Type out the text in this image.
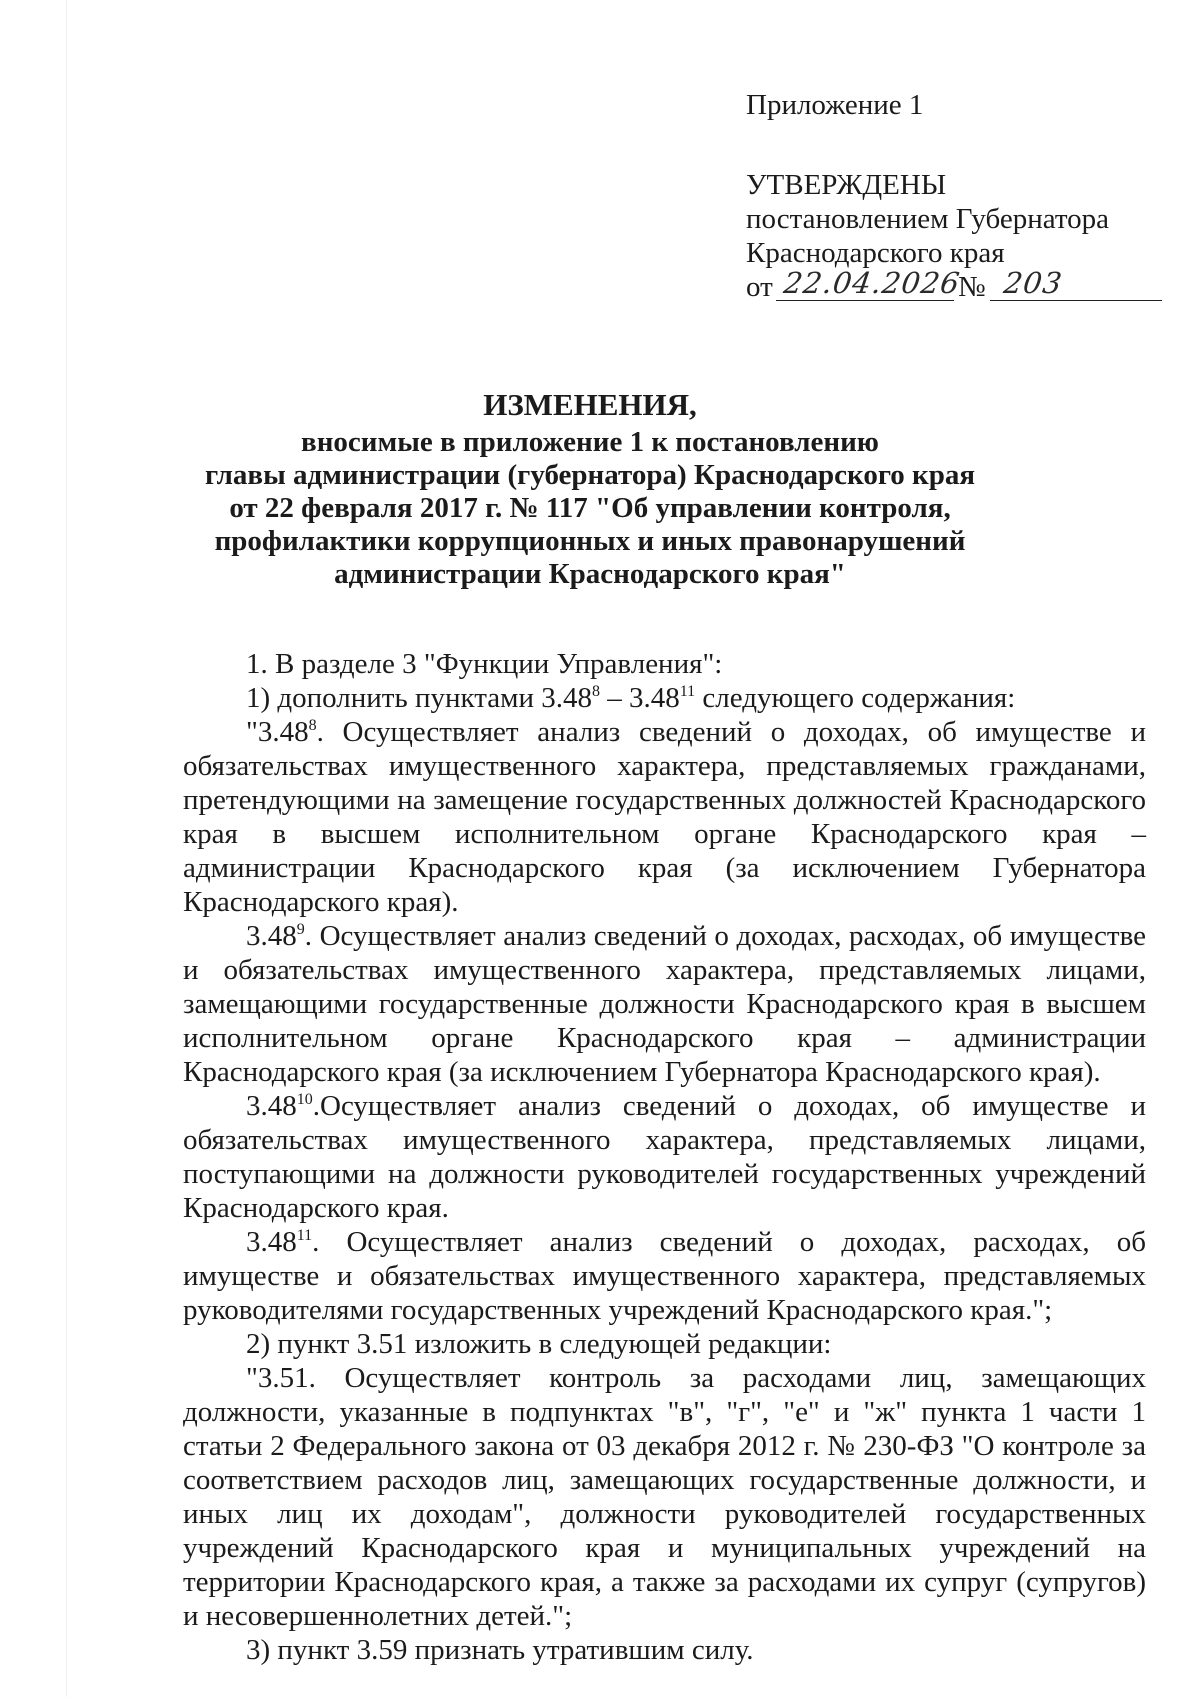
Приложение 1
УТВЕРЖДЕНЫ
постановлением Губернатора
Краснодарского края
от 22.04.2026
№ 203
ИЗМЕНЕНИЯ,
вносимые в приложение 1 к постановлению
главы администрации (губернатора) Краснодарского края
от 22 февраля 2017 г. № 117 "Об управлении контроля,
профилактики коррупционных и иных правонарушений
администрации Краснодарского края"

1. В разделе 3 "Функции Управления":

1) дополнить пунктами 3.48$^8$ – 3.48$^{11}$ следующего содержания:

"3.48$^8$. Осуществляет анализ сведений о доходах, об имуществе и обязательствах имущественного характера, представляемых гражданами, претендующими на замещение государственных должностей Краснодарского края в высшем исполнительном органе Краснодарского края – администрации Краснодарского края (за исключением Губернатора Краснодарского края).

3.48$^9$. Осуществляет анализ сведений о доходах, расходах, об имуществе и обязательствах имущественного характера, представляемых лицами, замещающими государственные должности Краснодарского края в высшем исполнительном органе Краснодарского края – администрации Краснодарского края (за исключением Губернатора Краснодарского края).

3.48$^{10}$.Осуществляет анализ сведений о доходах, об имуществе и обязательствах имущественного характера, представляемых лицами, поступающими на должности руководителей государственных учреждений Краснодарского края.

3.48$^{11}$. Осуществляет анализ сведений о доходах, расходах, об имуществе и обязательствах имущественного характера, представляемых руководителями государственных учреждений Краснодарского края.";

2) пункт 3.51 изложить в следующей редакции:

"3.51. Осуществляет контроль за расходами лиц, замещающих должности, указанные в подпунктах "в", "г", "е" и "ж" пункта 1 части 1 статьи 2 Федерального закона от 03 декабря 2012 г. № 230-ФЗ "О контроле за соответствием расходов лиц, замещающих государственные должности, и иных лиц их доходам", должности руководителей государственных учреждений Краснодарского края и муниципальных учреждений на территории Краснодарского края, а также за расходами их супруг (супругов) и несовершеннолетних детей.";

3) пункт 3.59 признать утратившим силу.
